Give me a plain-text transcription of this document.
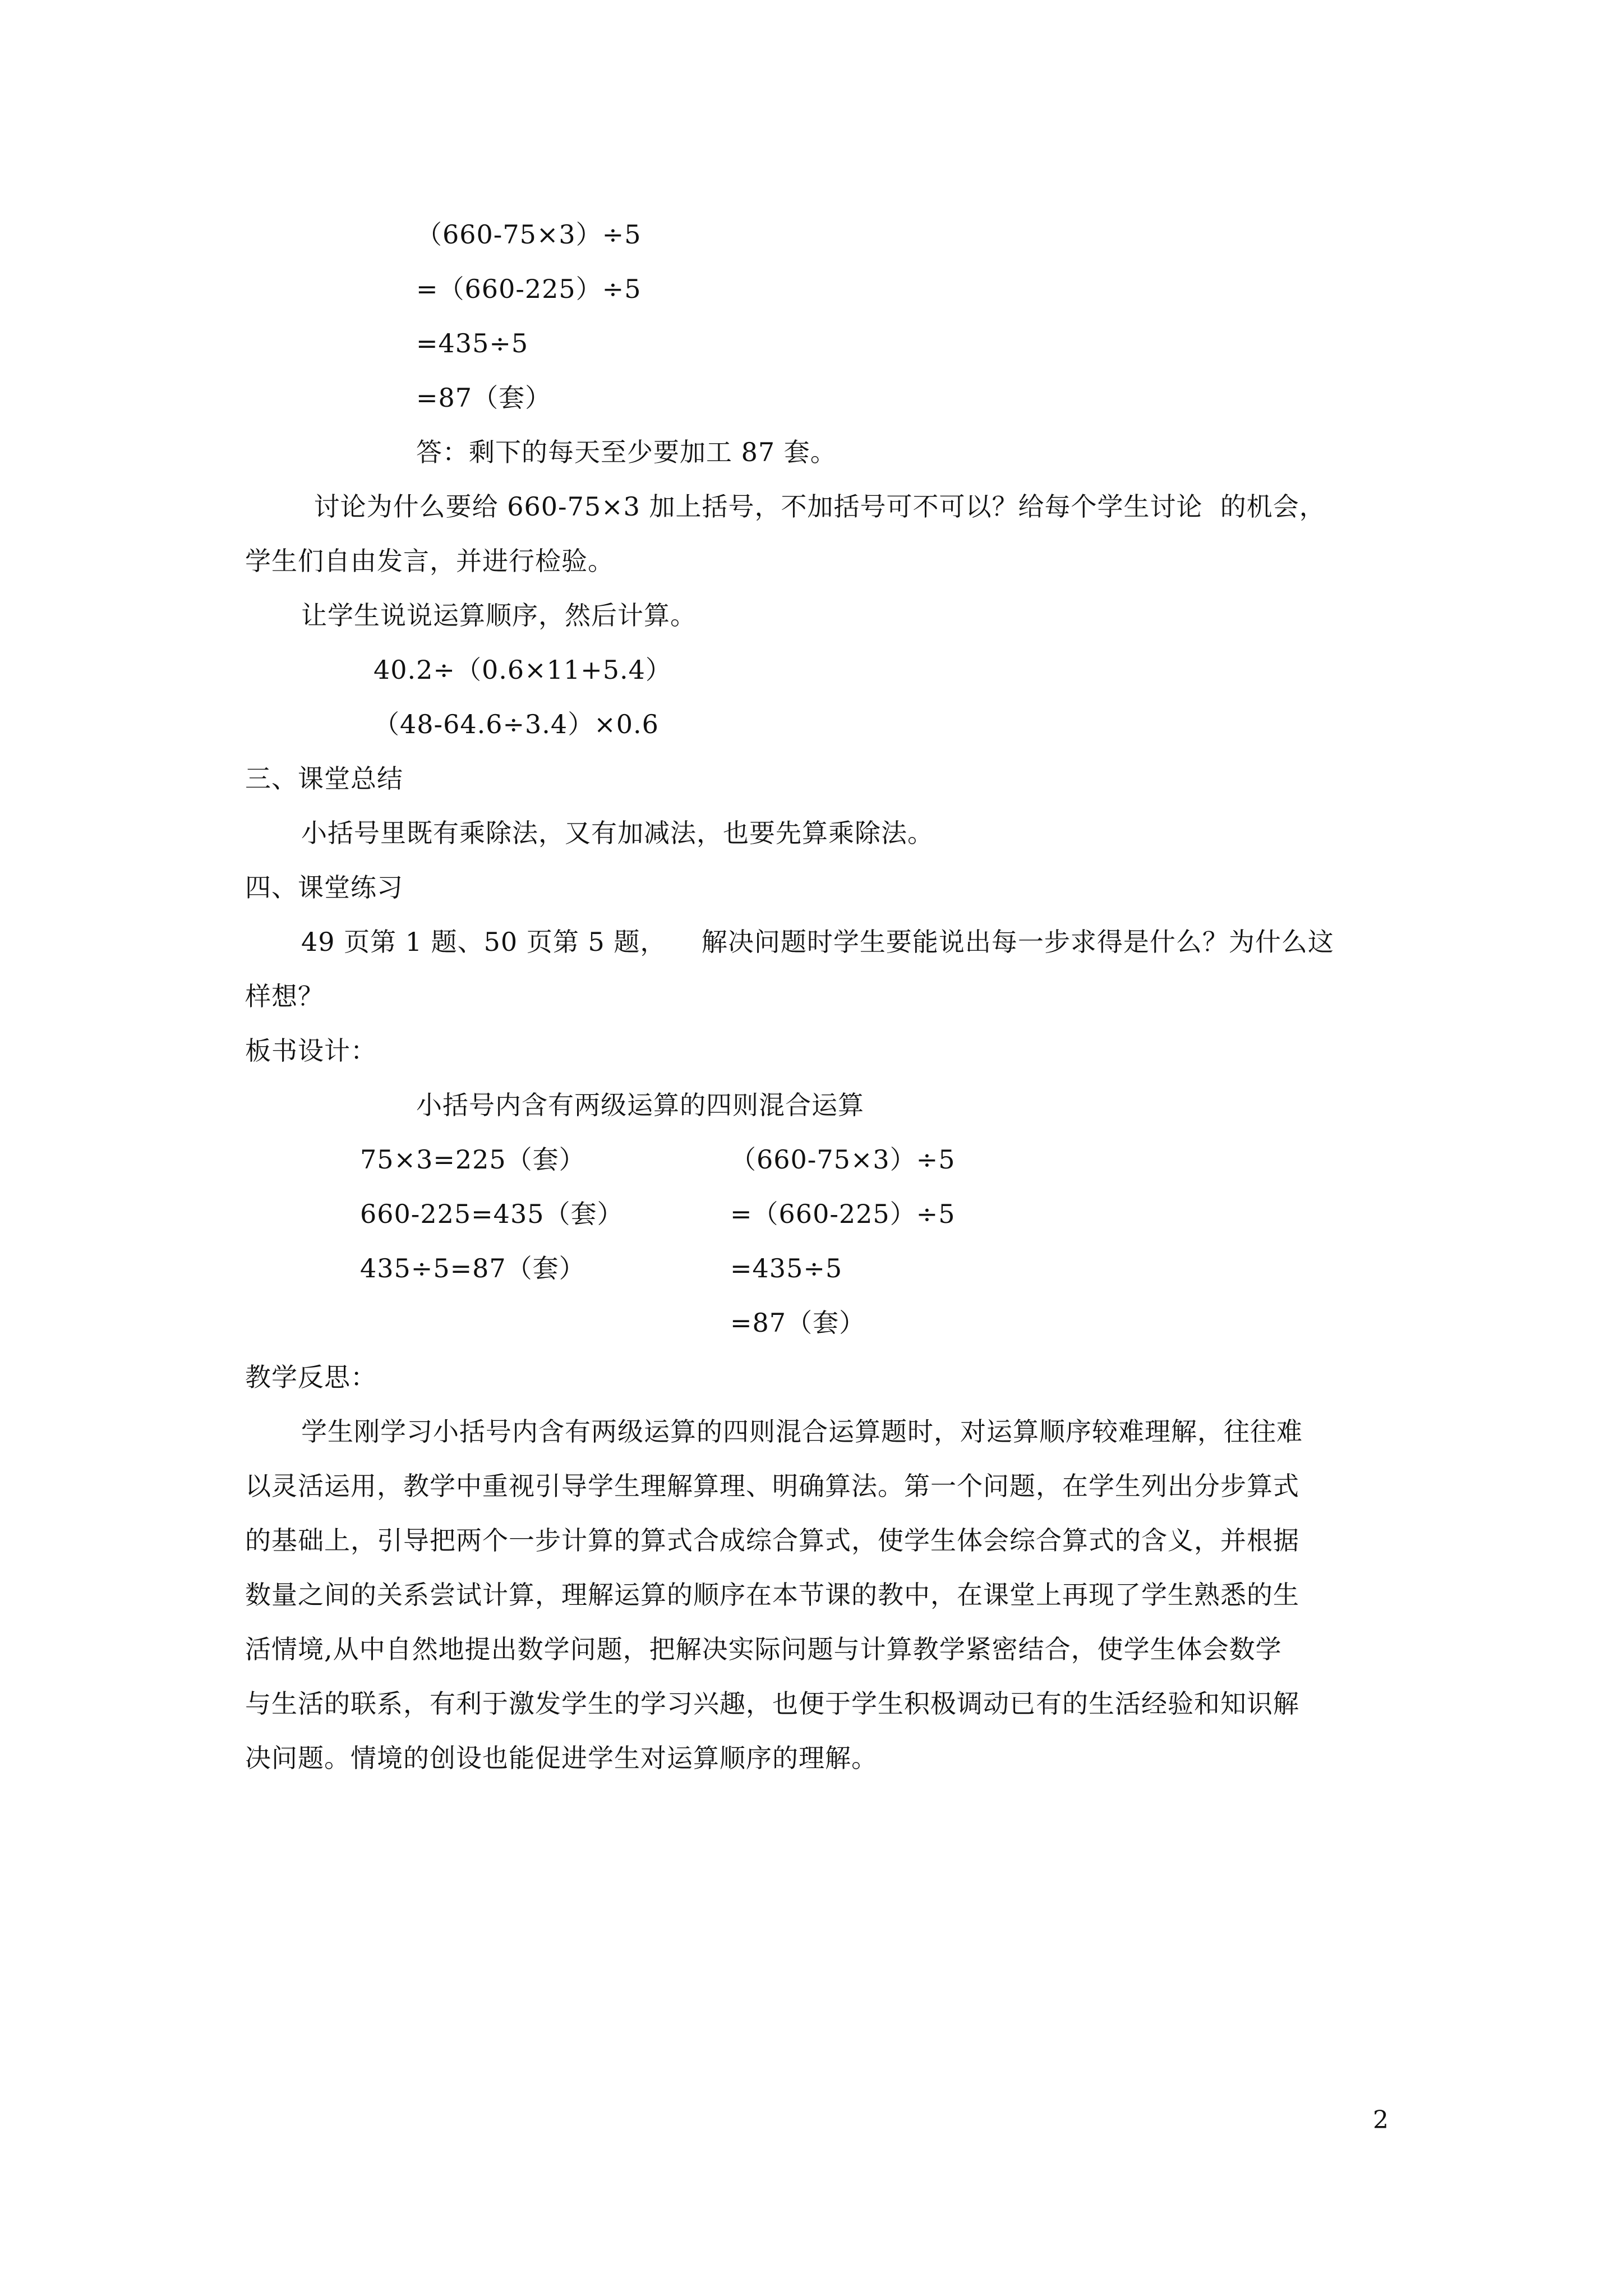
（660-75×3）÷5
=（660-225）÷5
=435÷5
=87（套）
答：剩下的每天至少要加工 87 套。
讨论为什么要给 660-75×3 加上括号，不加括号可不可以？给每个学生讨论  的机会，
学生们自由发言，并进行检验。
让学生说说运算顺序，然后计算。
40.2÷（0.6×11+5.4）
（48-64.6÷3.4）×0.6
三、课堂总结
小括号里既有乘除法，又有加减法，也要先算乘除法。
四、课堂练习
49 页第 1 题、50 页第 5 题，    解决问题时学生要能说出每一步求得是什么？为什么这
样想？
板书设计：
小括号内含有两级运算的四则混合运算
75×3=225（套）
660-225=435（套）
435÷5=87（套）
（660-75×3）÷5
=（660-225）÷5
=435÷5
=87（套）
教学反思：
学生刚学习小括号内含有两级运算的四则混合运算题时，对运算顺序较难理解，往往难
以灵活运用，教学中重视引导学生理解算理、明确算法。第一个问题，在学生列出分步算式
的基础上，引导把两个一步计算的算式合成综合算式，使学生体会综合算式的含义，并根据
数量之间的关系尝试计算，理解运算的顺序在本节课的教中，在课堂上再现了学生熟悉的生
活情境,从中自然地提出数学问题，把解决实际问题与计算教学紧密结合，使学生体会数学
与生活的联系，有利于激发学生的学习兴趣，也便于学生积极调动已有的生活经验和知识解
决问题。情境的创设也能促进学生对运算顺序的理解。
2
